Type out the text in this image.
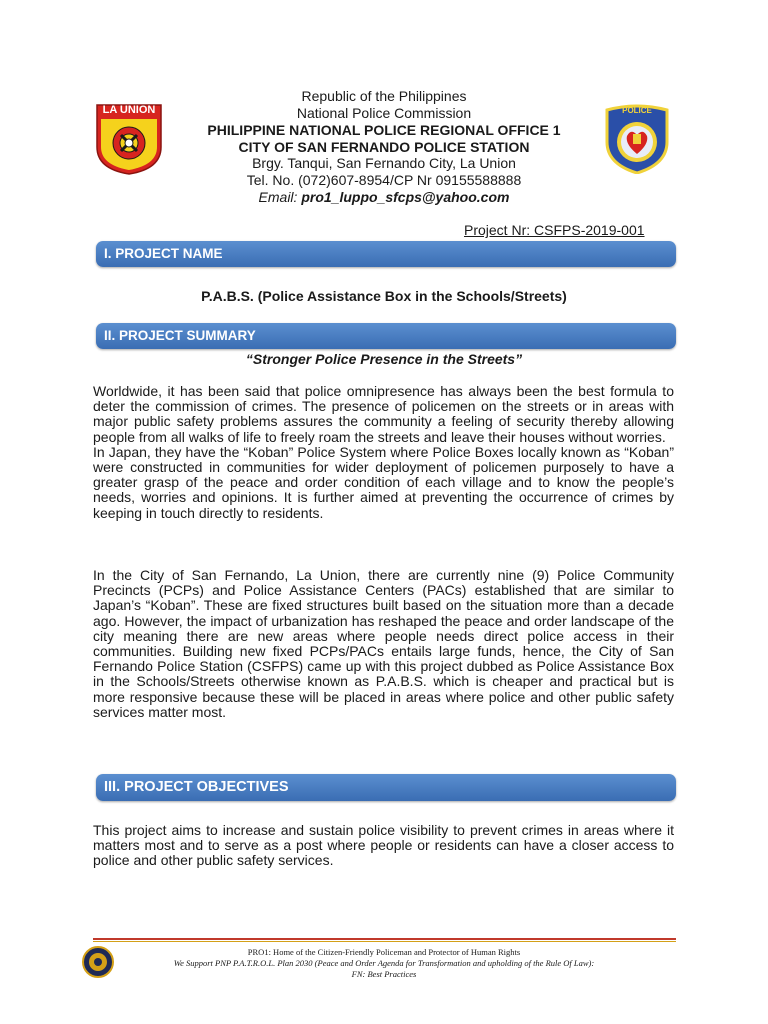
LA UNION	POLICE
Republic of the Philippines
National Police Commission
PHILIPPINE NATIONAL POLICE REGIONAL OFFICE 1
CITY OF SAN FERNANDO POLICE STATION
Brgy. Tanqui, San Fernando City, La Union
Tel. No. (072)607-8954/CP Nr 09155588888
Email: pro1_luppo_sfcps@yahoo.com
Project Nr: CSFPS-2019-001
I. PROJECT NAME
P.A.B.S. (Police Assistance Box in the Schools/Streets)
II. PROJECT SUMMARY
“Stronger Police Presence in the Streets”

Worldwide, it has been said that police omnipresence has always been the best formula to deter the commission of crimes. The presence of policemen on the streets or in areas with major public safety problems assures the community a feeling of security thereby allowing people from all walks of life to freely roam the streets and leave their houses without worries.

In Japan, they have the “Koban” Police System where Police Boxes locally known as “Koban” were constructed in communities for wider deployment of policemen purposely to have a greater grasp of the peace and order condition of each village and to know the people’s needs, worries and opinions. It is further aimed at preventing the occurrence of crimes by keeping in touch directly to residents.

In the City of San Fernando, La Union, there are currently nine (9) Police Community Precincts (PCPs) and Police Assistance Centers (PACs) established that are similar to Japan’s “Koban”. These are fixed structures built based on the situation more than a decade ago. However, the impact of urbanization has reshaped the peace and order landscape of the city meaning there are new areas where people needs direct police access in their communities. Building new fixed PCPs/PACs entails large funds, hence, the City of San Fernando Police Station (CSFPS) came up with this project dubbed as Police Assistance Box in the Schools/Streets otherwise known as P.A.B.S. which is cheaper and practical but is more responsive because these will be placed in areas where police and other public safety services matter most.
III. PROJECT OBJECTIVES
This project aims to increase and sustain police visibility to prevent crimes in areas where it matters most and to serve as a post where people or residents can have a closer access to police and other public safety services.
PRO1: Home of the Citizen-Friendly Policeman and Protector of Human Rights
We Support PNP P.A.T.R.O.L. Plan 2030 (Peace and Order Agenda for Transformation and upholding of the Rule Of Law):
FN: Best Practices
